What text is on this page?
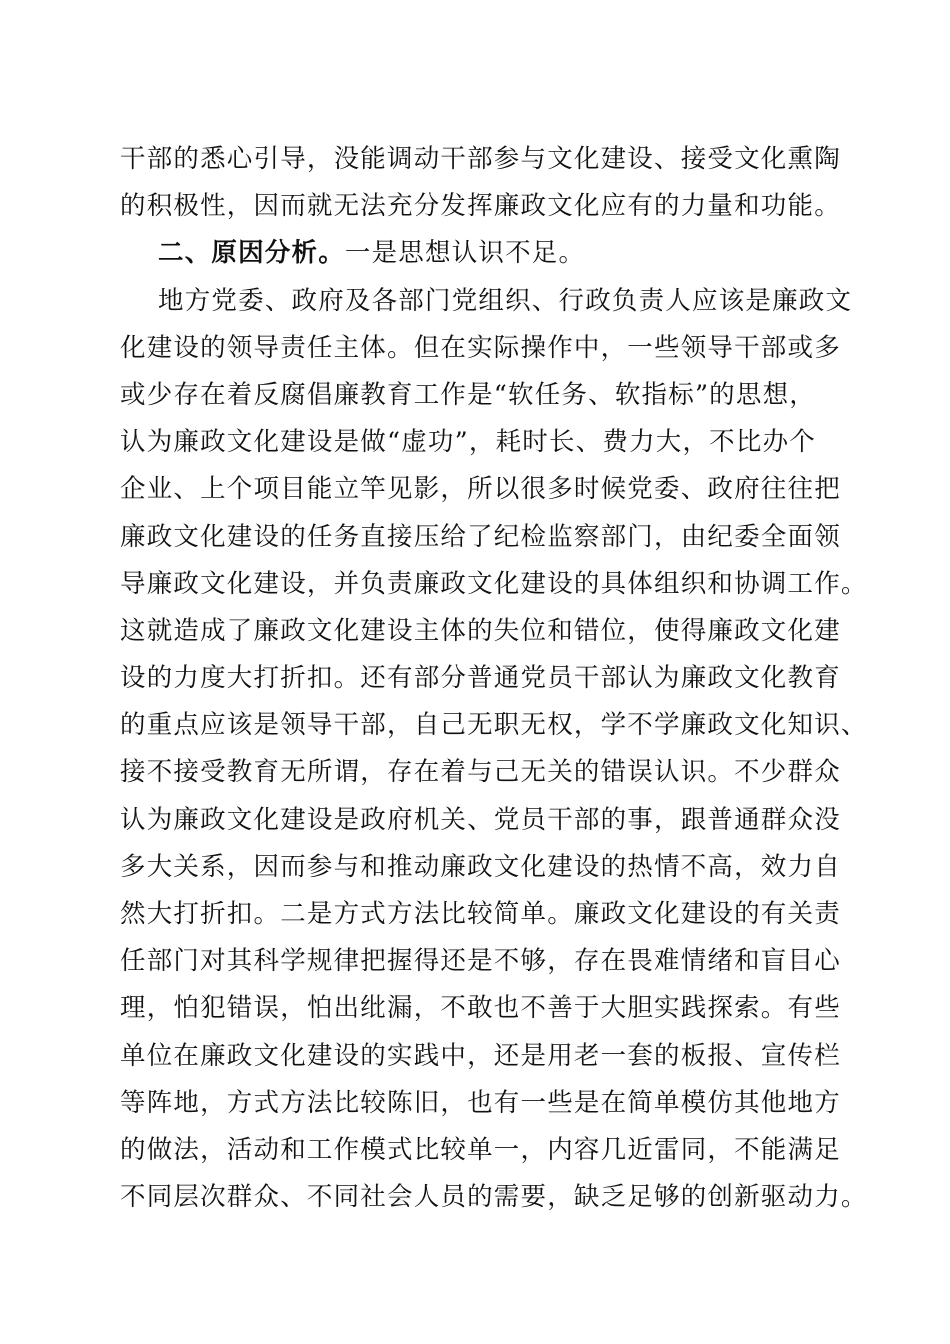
干部的悉心引导，没能调动干部参与文化建设、接受文化熏陶
的积极性，因而就无法充分发挥廉政文化应有的力量和功能。
二、原因分析。一是思想认识不足。
地方党委、政府及各部门党组织、行政负责人应该是廉政文
化建设的领导责任主体。但在实际操作中，一些领导干部或多
或少存在着反腐倡廉教育工作是“软任务、软指标”的思想，
认为廉政文化建设是做“虚功”，耗时长、费力大，不比办个
企业、上个项目能立竿见影，所以很多时候党委、政府往往把
廉政文化建设的任务直接压给了纪检监察部门，由纪委全面领
导廉政文化建设，并负责廉政文化建设的具体组织和协调工作。
这就造成了廉政文化建设主体的失位和错位，使得廉政文化建
设的力度大打折扣。还有部分普通党员干部认为廉政文化教育
的重点应该是领导干部，自己无职无权，学不学廉政文化知识、
接不接受教育无所谓，存在着与己无关的错误认识。不少群众
认为廉政文化建设是政府机关、党员干部的事，跟普通群众没
多大关系，因而参与和推动廉政文化建设的热情不高，效力自
然大打折扣。二是方式方法比较简单。廉政文化建设的有关责
任部门对其科学规律把握得还是不够，存在畏难情绪和盲目心
理，怕犯错误，怕出纰漏，不敢也不善于大胆实践探索。有些
单位在廉政文化建设的实践中，还是用老一套的板报、宣传栏
等阵地，方式方法比较陈旧，也有一些是在简单模仿其他地方
的做法，活动和工作模式比较单一，内容几近雷同，不能满足
不同层次群众、不同社会人员的需要，缺乏足够的创新驱动力。
